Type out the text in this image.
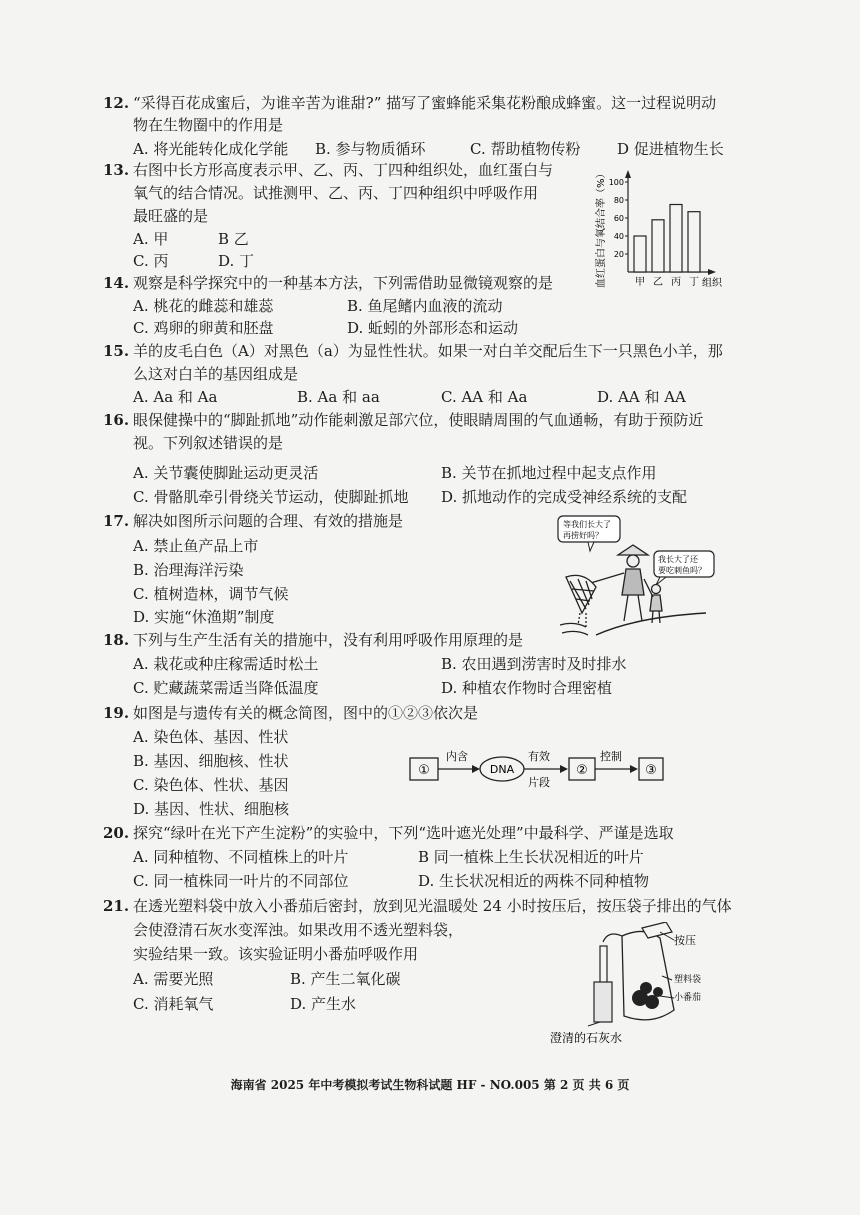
12. “采得百花成蜜后，为谁辛苦为谁甜?” 描写了蜜蜂能采集花粉酿成蜂蜜。这一过程说明动
物在生物圈中的作用是
A. 将光能转化成化学能 B. 参与物质循环	C. 帮助植物传粉 D 促进植物生长
13. 右图中长方形高度表示甲、乙、丙、丁四种组织处，血红蛋白与
氧气的结合情况。试推测甲、乙、丙、丁四种组织中呼吸作用
最旺盛的是
A. 甲	B 乙
C. 丙	D. 丁	血红蛋白与氧结合率（%） 20
40
60
80
100
甲 乙 丙 丁 组织
14. 观察是科学探究中的一种基本方法，下列需借助显微镜观察的是
A. 桃花的雌蕊和雄蕊	B. 鱼尾鳍内血液的流动
C. 鸡卵的卵黄和胚盘	D. 蚯蚓的外部形态和运动
15. 羊的皮毛白色（A）对黑色（a）为显性性状。如果一对白羊交配后生下一只黑色小羊，那
么这对白羊的基因组成是
A. Aa 和 Aa	B. Aa 和 aa	C. AA 和 Aa	D. AA 和 AA
16. 眼保健操中的“脚趾抓地”动作能刺激足部穴位，使眼睛周围的气血通畅，有助于预防近
视。下列叙述错误的是
A. 关节囊使脚趾运动更灵活	B. 关节在抓地过程中起支点作用
C. 骨骼肌牵引骨绕关节运动，使脚趾抓地 D. 抓地动作的完成受神经系统的支配
17. 解决如图所示问题的合理、有效的措施是
A. 禁止鱼产品上市
B. 治理海洋污染
C. 植树造林，调节气候
D. 实施“休渔期”制度
等我们长大了
再捞好吗？
我长大了还
要吃刺鱼吗？
18. 下列与生产生活有关的措施中，没有利用呼吸作用原理的是
A. 栽花或种庄稼需适时松土	B. 农田遇到涝害时及时排水
C. 贮藏蔬菜需适当降低温度	D. 种植农作物时合理密植
19. 如图是与遗传有关的概念简图，图中的①②③依次是
A. 染色体、基因、性状
B. 基因、细胞核、性状
C. 染色体、性状、基因
D. 基因、性状、细胞核
①
内含
DNA
有效
片段
②
控制
③
20. 探究“绿叶在光下产生淀粉”的实验中，下列“选叶遮光处理”中最科学、严谨是选取
A. 同种植物、不同植株上的叶片	B 同一植株上生长状况相近的叶片
C. 同一植株同一叶片的不同部位	D. 生长状况相近的两株不同种植物
21. 在透光塑料袋中放入小番茄后密封，放到见光温暖处 24 小时按压后，按压袋子排出的气体
会使澄清石灰水变浑浊。如果改用不透光塑料袋，
实验结果一致。该实验证明小番茄呼吸作用
A. 需要光照	B. 产生二氧化碳
C. 消耗氧气	D. 产生水
按压
塑料袋
小番茄
澄清的石灰水
海南省 2025 年中考模拟考试生物科试题 HF - NO.005 第 2 页 共 6 页
